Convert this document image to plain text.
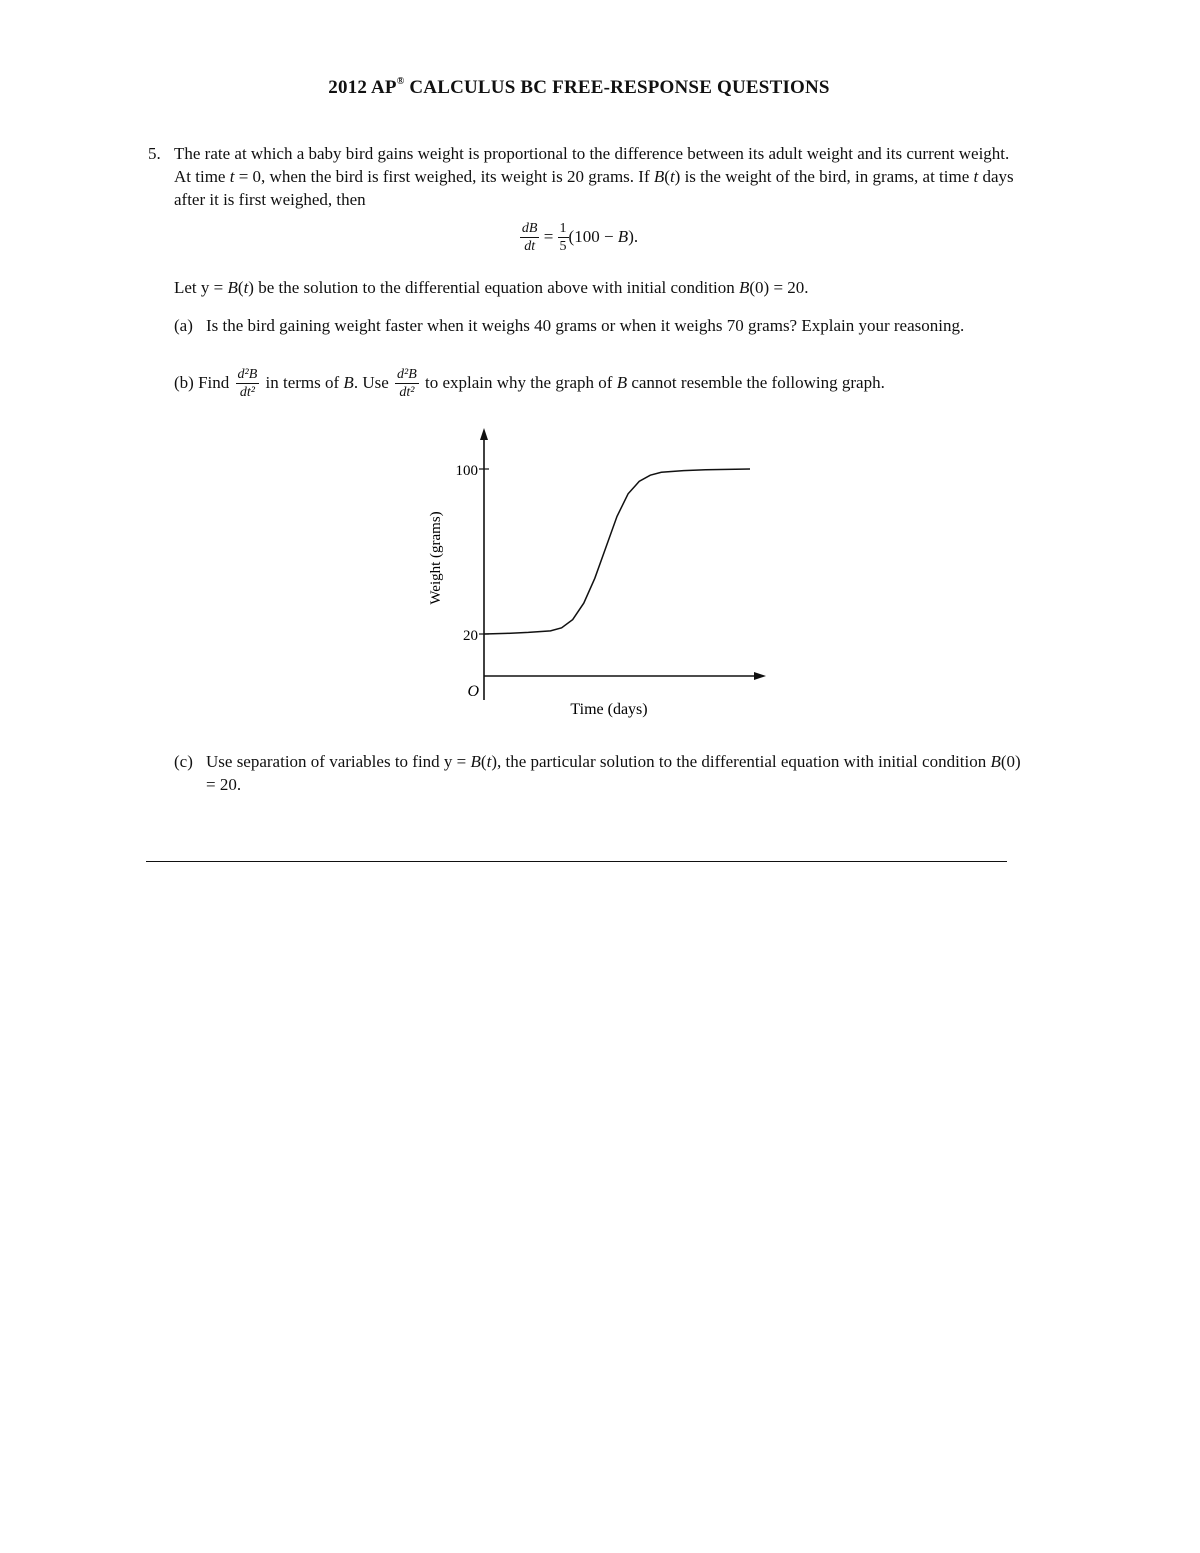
2012 AP® CALCULUS BC FREE-RESPONSE QUESTIONS
5. The rate at which a baby bird gains weight is proportional to the difference between its adult weight and its current weight. At time t = 0, when the bird is first weighed, its weight is 20 grams. If B(t) is the weight of the bird, in grams, at time t days after it is first weighed, then
$\frac{dB}{dt} = \frac{1}{5} (100 - B)$.
Let y = B(t) be the solution to the differential equation above with initial condition B(0) = 20.
(a) Is the bird gaining weight faster when it weighs 40 grams or when it weighs 70 grams? Explain your reasoning.
(b) Find $\frac{\text{d²B}}{\text{dt²}}$ in terms of B. Use $\frac{\text{d²B}}{\text{dt²}}$ to explain why the graph of B cannot resemble the following graph.
100
20
O
Weight (grams)
Time (days)
(c) Use separation of variables to find y = B(t), the particular solution to the differential equation with initial condition B(0) = 20.
